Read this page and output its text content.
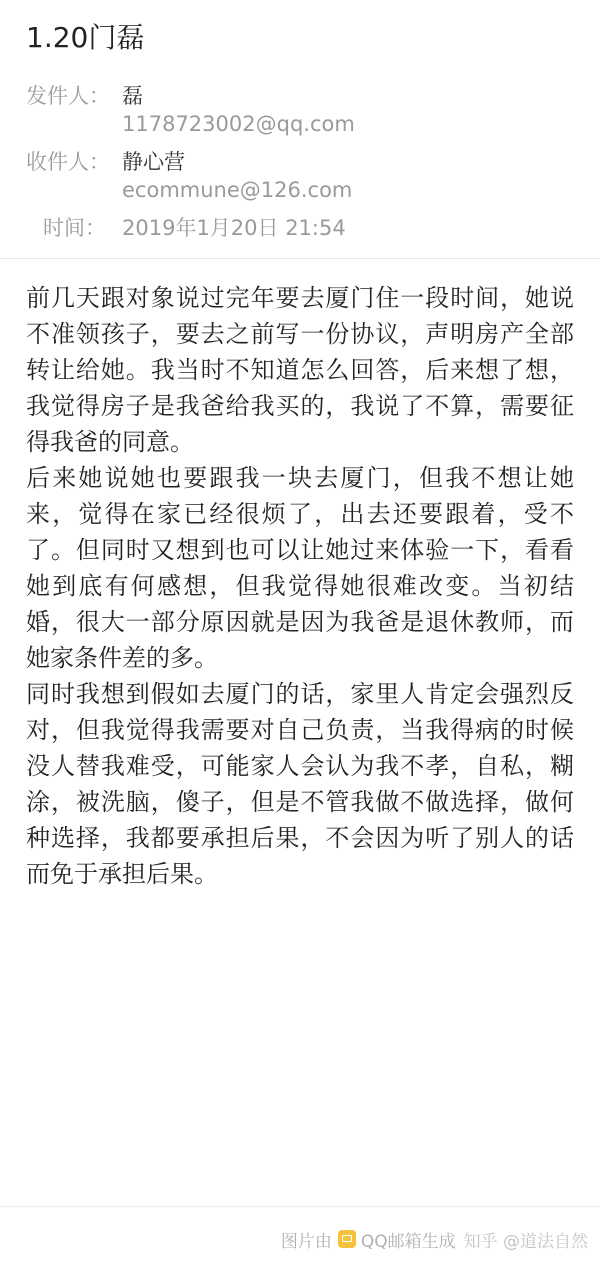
1.20门磊
发件人： 磊
1178723002@qq.com
收件人： 静心营
ecommune@126.com
时间： 2019年1月20日 21:54

前几天跟对象说过完年要去厦门住一段时间，她说不准领孩子，要去之前写一份协议，声明房产全部转让给她。我当时不知道怎么回答，后来想了想，我觉得房子是我爸给我买的，我说了不算，需要征得我爸的同意。

后来她说她也要跟我一块去厦门，但我不想让她来，觉得在家已经很烦了，出去还要跟着，受不了。但同时又想到也可以让她过来体验一下，看看她到底有何感想，但我觉得她很难改变。当初结婚，很大一部分原因就是因为我爸是退休教师，而她家条件差的多。

同时我想到假如去厦门的话，家里人肯定会强烈反对，但我觉得我需要对自己负责，当我得病的时候没人替我难受，可能家人会认为我不孝，自私，糊涂，被洗脑，傻子，但是不管我做不做选择，做何种选择，我都要承担后果，不会因为听了别人的话而免于承担后果。

图片由 QQ邮箱生成 知乎 @道法自然
